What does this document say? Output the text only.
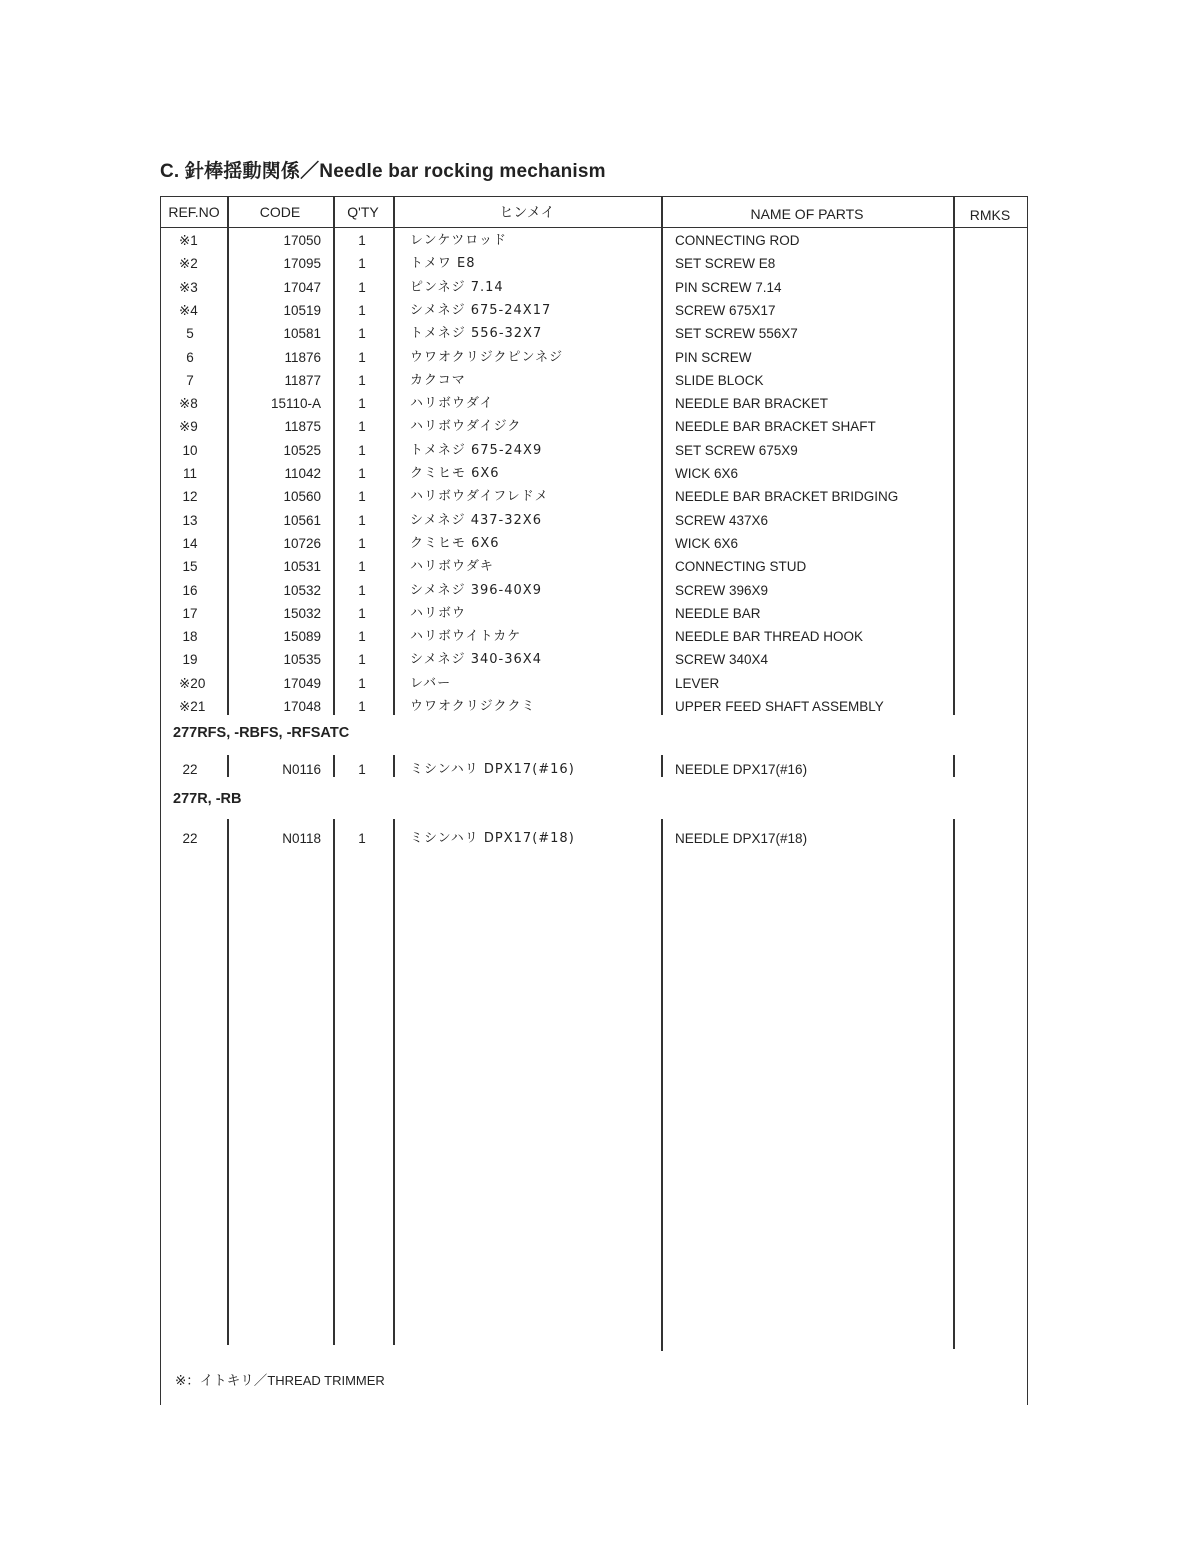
C. 針棒揺動関係／Needle bar rocking mechanism
REF.NO	CODE	Q'TY	ヒンメイ	NAME OF PARTS	RMKS
※1	17050	1	レンケツロッド	CONNECTING ROD
※2	17095	1	トメワ E8	SET SCREW E8
※3	17047	1	ピンネジ 7.14	PIN SCREW 7.14
※4	10519	1	シメネジ 675-24X17	SCREW 675X17
5	10581	1	トメネジ 556-32X7	SET SCREW 556X7
6	11876	1	ウワオクリジクピンネジ	PIN SCREW
7	11877	1	カクコマ	SLIDE BLOCK
※8	15110-A	1	ハリボウダイ	NEEDLE BAR BRACKET
※9	11875	1	ハリボウダイジク	NEEDLE BAR BRACKET SHAFT
10	10525	1	トメネジ 675-24X9	SET SCREW 675X9
11	11042	1	クミヒモ 6X6	WICK 6X6
12	10560	1	ハリボウダイフレドメ	NEEDLE BAR BRACKET BRIDGING
13	10561	1	シメネジ 437-32X6	SCREW 437X6
14	10726	1	クミヒモ 6X6	WICK 6X6
15	10531	1	ハリボウダキ	CONNECTING STUD
16	10532	1	シメネジ 396-40X9	SCREW 396X9
17	15032	1	ハリボウ	NEEDLE BAR
18	15089	1	ハリボウイトカケ	NEEDLE BAR THREAD HOOK
19	10535	1	シメネジ 340-36X4	SCREW 340X4
※20	17049	1	レバー	LEVER
※21	17048	1	ウワオクリジククミ	UPPER FEED SHAFT ASSEMBLY
277RFS, -RBFS, -RFSATC
22	N0116	1	ミシンハリ DPX17(#16)	NEEDLE DPX17(#16)
277R, -RB
22	N0118	1	ミシンハリ DPX17(#18)	NEEDLE DPX17(#18)
※：イトキリ／THREAD TRIMMER
